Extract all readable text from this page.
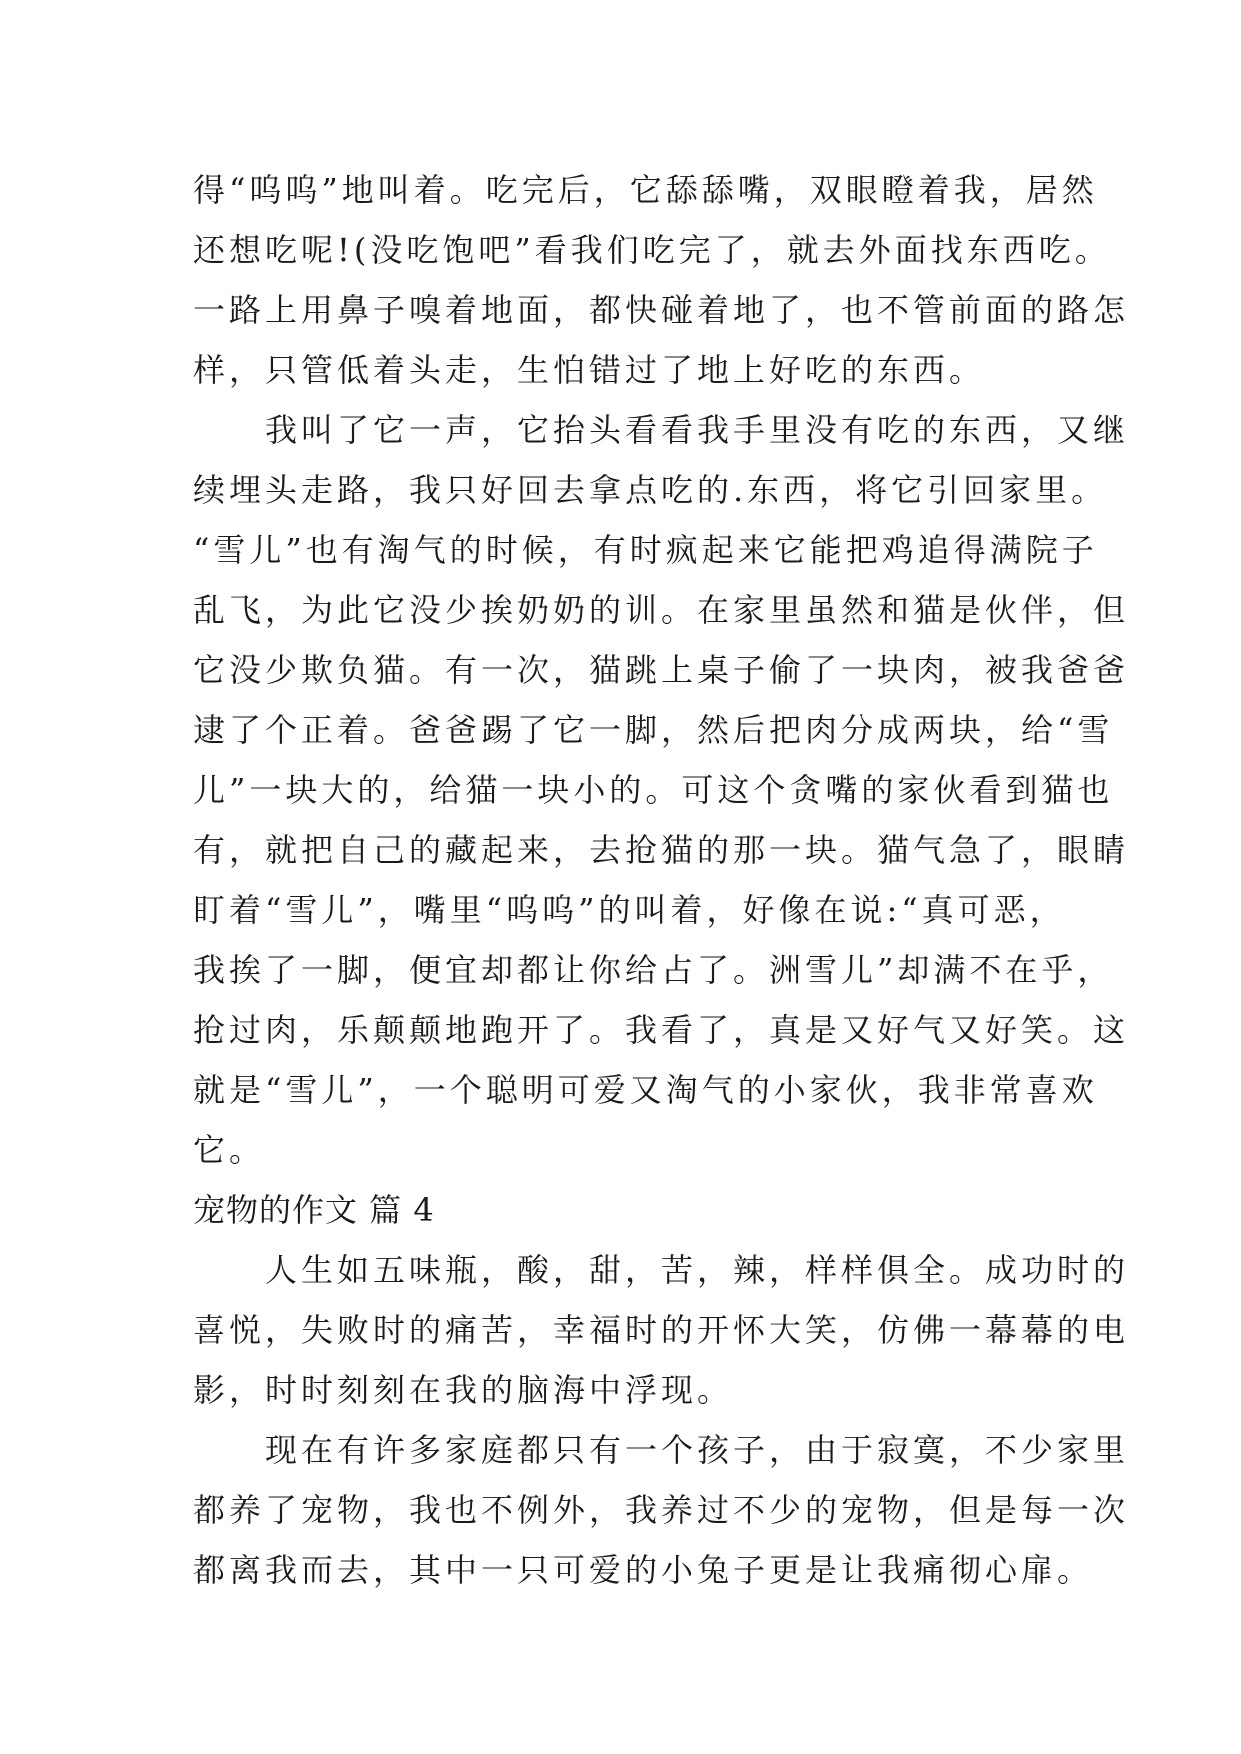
得“呜呜”地叫着。吃完后，它舔舔嘴，双眼瞪着我，居然
还想吃呢!(没吃饱吧”看我们吃完了，就去外面找东西吃。
一路上用鼻子嗅着地面，都快碰着地了，也不管前面的路怎
样，只管低着头走，生怕错过了地上好吃的东西。
　　我叫了它一声，它抬头看看我手里没有吃的东西，又继
续埋头走路，我只好回去拿点吃的.东西，将它引回家里。
“雪儿”也有淘气的时候，有时疯起来它能把鸡追得满院子
乱飞，为此它没少挨奶奶的训。在家里虽然和猫是伙伴，但
它没少欺负猫。有一次，猫跳上桌子偷了一块肉，被我爸爸
逮了个正着。爸爸踢了它一脚，然后把肉分成两块，给“雪
儿”一块大的，给猫一块小的。可这个贪嘴的家伙看到猫也
有，就把自己的藏起来，去抢猫的那一块。猫气急了，眼睛
盯着“雪儿”，嘴里“呜呜”的叫着，好像在说:“真可恶，
我挨了一脚，便宜却都让你给占了。洲雪儿”却满不在乎，
抢过肉，乐颠颠地跑开了。我看了，真是又好气又好笑。这
就是“雪儿”，一个聪明可爱又淘气的小家伙，我非常喜欢
它。
宠物的作文 篇 4
　　人生如五味瓶，酸，甜，苦，辣，样样俱全。成功时的
喜悦，失败时的痛苦，幸福时的开怀大笑，仿佛一幕幕的电
影，时时刻刻在我的脑海中浮现。
　　现在有许多家庭都只有一个孩子，由于寂寞，不少家里
都养了宠物，我也不例外，我养过不少的宠物，但是每一次
都离我而去，其中一只可爱的小兔子更是让我痛彻心扉。
